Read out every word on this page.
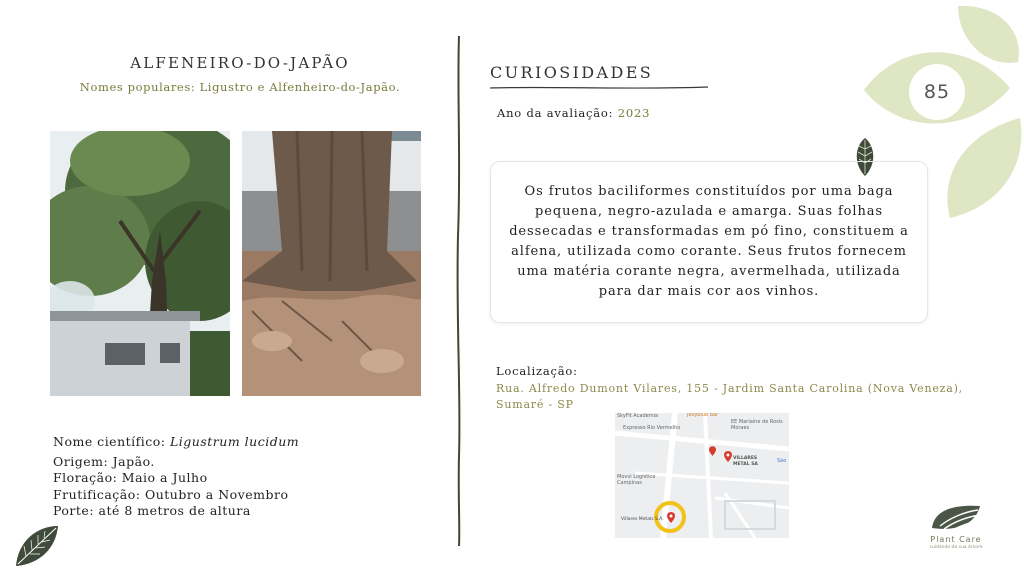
85
ALFENEIRO-DO-JAPÃO
Nomes populares: Ligustro e Alfenheiro-do-Japão.
Nome científico: Ligustrum lucidum
Origem: Japão.
Floração: Maio a Julho
Frutificação: Outubro a Novembro
Porte: até 8 metros de altura
CURIOSIDADES
Ano da avaliação: 2023
Os frutos baciliformes constituídos por uma baga pequena, negro-azulada e amarga. Suas folhas dessecadas e transformadas em pó fino, constituem a alfena, utilizada como corante. Seus frutos fornecem uma matéria corante negra, avermelhada, utilizada para dar mais cor aos vinhos.
Localização:
Rua. Alfredo Dumont Vilares, 155 - Jardim Santa Carolina (Nova Veneza), Sumaré - SP
SkyFit Academia	Jellyblue Bar
Expresso Rio Vermelho
EE Marlaine de Rosis Moraes
VILLARES METAL SA	São
Movvi Logística Campinas
Villares Metals S.A.
Plant Care
cuidando da sua árvore
